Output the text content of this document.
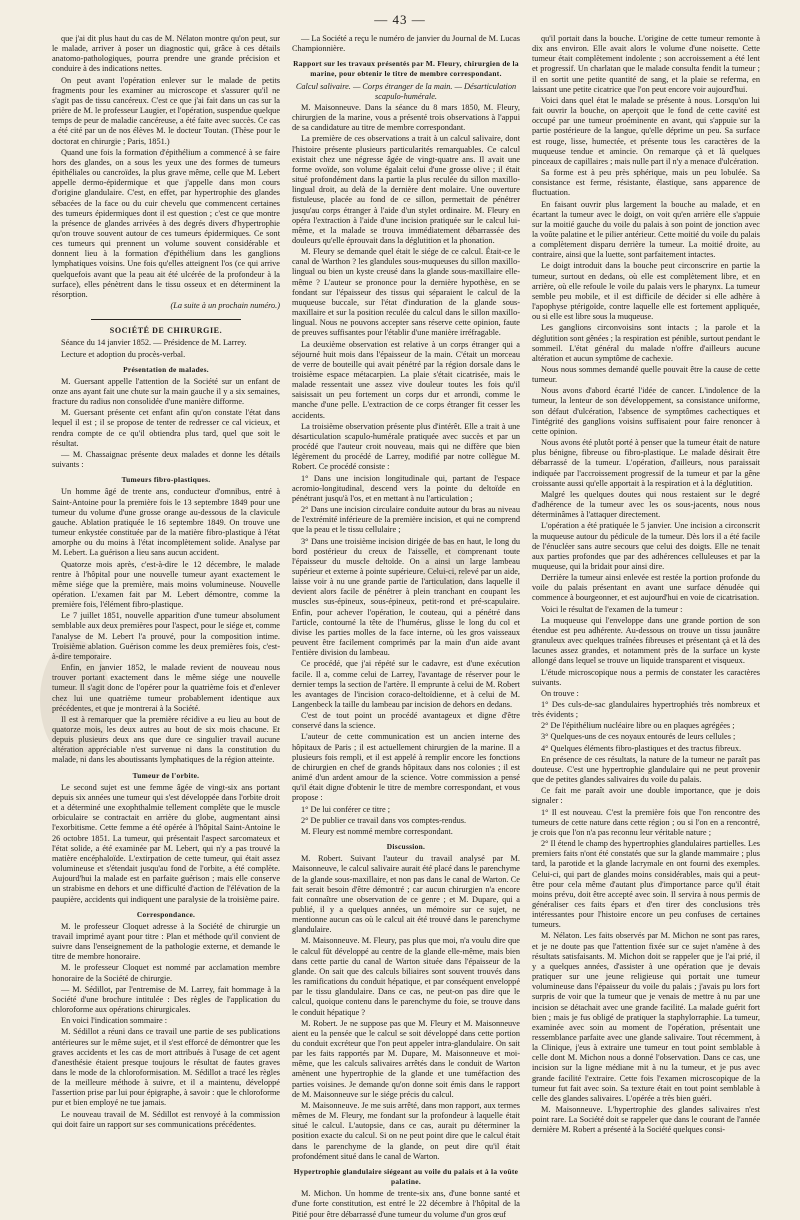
— 43 —

que j'ai dit plus haut du cas de M. Nélaton montre qu'on peut, sur le malade, arriver à poser un diagnostic qui, grâce à ces détails anatomo-pathologiques, pourra prendre une grande précision et conduire à des indications nettes.

On peut avant l'opération enlever sur le malade de petits fragments pour les examiner au microscope et s'assurer qu'il ne s'agit pas de tissu cancéreux. C'est ce que j'ai fait dans un cas sur la prière de M. le professeur Laugier, et l'opération, suspendue quelque temps de peur de maladie cancéreuse, a été faite avec succès. Ce cas a été cité par un de nos élèves M. le docteur Toutan. (Thèse pour le doctorat en chirurgie ; Paris, 1851.)

Quand une fois la formation d'épithélium a commencé à se faire hors des glandes, on a sous les yeux une des formes de tumeurs épithéliales ou cancroïdes, la plus grave même, celle que M. Lebert appelle dermo-épidermique et que j'appelle dans mon cours d'origine glandulaire. C'est, en effet, par hypertrophie des glandes sébacées de la face ou du cuir chevelu que commencent certaines des tumeurs épidermiques dont il est question ; c'est ce que montre la présence de glandes arrivées à des degrés divers d'hypertrophie qu'on trouve souvent autour de ces tumeurs épidermiques. Ce sont ces tumeurs qui prennent un volume souvent considérable et donnent lieu à la formation d'épithélium dans les ganglions lymphatiques voisins. Une fois qu'elles atteignent l'os (ce qui arrive quelquefois avant que la peau ait été ulcérée de la profondeur à la surface), elles pénètrent dans le tissu osseux et en déterminent la résorption.

(La suite à un prochain numéro.)

SOCIÉTÉ DE CHIRURGIE.

Séance du 14 janvier 1852. — Présidence de M. Larrey.

Lecture et adoption du procès-verbal.

Présentation de malades.

M. Guersant appelle l'attention de la Société sur un enfant de onze ans ayant fait une chute sur la main gauche il y a six semaines, fracture du radius non consolidée d'une manière difforme.

M. Guersant présente cet enfant afin qu'on constate l'état dans lequel il est ; il se propose de tenter de redresser ce cal vicieux, et rendra compte de ce qu'il obtiendra plus tard, quel que soit le résultat.

— M. Chassaignac présente deux malades et donne les détails suivants :

Tumeurs fibro-plastiques.

Un homme âgé de trente ans, conducteur d'omnibus, entré à Saint-Antoine pour la première fois le 13 septembre 1849 pour une tumeur du volume d'une grosse orange au-dessous de la clavicule gauche. Ablation pratiquée le 16 septembre 1849. On trouve une tumeur enkystée constituée par de la matière fibro-plastique à l'état amorphe ou du moins à l'état incomplètement solide. Analyse par M. Lebert. La guérison a lieu sans aucun accident.

Quatorze mois après, c'est-à-dire le 12 décembre, le malade rentre à l'hôpital pour une nouvelle tumeur ayant exactement le même siége que la première, mais moins volumineuse. Nouvelle opération. L'examen fait par M. Lebert démontre, comme la première fois, l'élément fibro-plastique.

Le 7 juillet 1851, nouvelle apparition d'une tumeur absolument semblable aux deux premières pour l'aspect, pour le siége et, comme l'analyse de M. Lebert l'a prouvé, pour la composition intime. Troisième ablation. Guérison comme les deux premières fois, c'est-à-dire temporaire.

Enfin, en janvier 1852, le malade revient de nouveau nous trouver portant exactement dans le même siége une nouvelle tumeur. Il s'agit donc de l'opérer pour la quatrième fois et d'enlever chez lui une quatrième tumeur probablement identique aux précédentes, et que je montrerai à la Société.

Il est à remarquer que la première récidive a eu lieu au bout de quatorze mois, les deux autres au bout de six mois chacune. Et depuis plusieurs deux ans que dure ce singulier travail aucune altération appréciable n'est survenue ni dans la constitution du malade, ni dans les aboutissants lymphatiques de la région atteinte.

Tumeur de l'orbite.

Le second sujet est une femme âgée de vingt-six ans portant depuis six années une tumeur qui s'est développée dans l'orbite droit et a déterminé une exophthalmie tellement complète que le muscle orbiculaire se contractait en arrière du globe, augmentant ainsi l'exorbitisme. Cette femme a été opérée à l'hôpital Saint-Antoine le 26 octobre 1851. La tumeur, qui présentait l'aspect sarcomateux et l'état solide, a été examinée par M. Lebert, qui n'y a pas trouvé la matière encéphaloïde. L'extirpation de cette tumeur, qui était assez volumineuse et s'étendait jusqu'au fond de l'orbite, a été complète. Aujourd'hui la malade est en parfaite guérison ; mais elle conserve un strabisme en dehors et une difficulté d'action de l'élévation de la paupière, accidents qui indiquent une paralysie de la troisième paire.

Correspondance.

M. le professeur Cloquet adresse à la Société de chirurgie un travail imprimé ayant pour titre : Plan et méthode qu'il convient de suivre dans l'enseignement de la pathologie externe, et demande le titre de membre honoraire.

M. le professeur Cloquet est nommé par acclamation membre honoraire de la Société de chirurgie.

— M. Sédillot, par l'entremise de M. Larrey, fait hommage à la Société d'une brochure intitulée : Des règles de l'application du chloroforme aux opérations chirurgicales.

En voici l'indication sommaire :

M. Sédillot a réuni dans ce travail une partie de ses publications antérieures sur le même sujet, et il s'est efforcé de démontrer que les graves accidents et les cas de mort attribués à l'usage de cet agent d'anesthésie étaient presque toujours le résultat de fautes graves dans le mode de la chloroformisation. M. Sédillot a tracé les règles de la meilleure méthode à suivre, et il a maintenu, développé l'assertion prise par lui pour épigraphe, à savoir : que le chloroforme pur et bien employé ne tue jamais.

Le nouveau travail de M. Sédillot est renvoyé à la commission qui doit faire un rapport sur ses communications précédentes.

— La Société a reçu le numéro de janvier du Journal de M. Lucas Championnière.

Rapport sur les travaux présentés par M. Fleury, chirurgien de la marine, pour obtenir le titre de membre correspondant.

Calcul salivaire. — Corps étranger de la main. — Désarticulation scapulo-humérale.

M. Maisonneuve. Dans la séance du 8 mars 1850, M. Fleury, chirurgien de la marine, vous a présenté trois observations à l'appui de sa candidature au titre de membre correspondant.

La première de ces observations a trait à un calcul salivaire, dont l'histoire présente plusieurs particularités remarquables. Ce calcul existait chez une négresse âgée de vingt-quatre ans. Il avait une forme ovoïde, son volume égalait celui d'une grosse olive ; il était situé profondément dans la partie la plus reculée du sillon maxillo-lingual droit, au delà de la dernière dent molaire. Une ouverture fistuleuse, placée au fond de ce sillon, permettait de pénétrer jusqu'au corps étranger à l'aide d'un stylet ordinaire. M. Fleury en opéra l'extraction à l'aide d'une incision pratiquée sur le calcul lui-même, et la malade se trouva immédiatement débarrassée des douleurs qu'elle éprouvait dans la déglutition et la phonation.

M. Fleury se demande quel était le siége de ce calcul. Était-ce le canal de Warthon ? les glandules sous-muqueuses du sillon maxillo-lingual ou bien un kyste creusé dans la glande sous-maxillaire elle-même ? L'auteur se prononce pour la dernière hypothèse, en se fondant sur l'épaisseur des tissus qui séparaient le calcul de la muqueuse buccale, sur l'état d'induration de la glande sous-maxillaire et sur la position reculée du calcul dans le sillon maxillo-lingual. Nous ne pouvons accepter sans réserve cette opinion, faute de preuves suffisantes pour l'établir d'une manière irréfragable.

La deuxième observation est relative à un corps étranger qui a séjourné huit mois dans l'épaisseur de la main. C'était un morceau de verre de bouteille qui avait pénétré par la région dorsale dans le troisième espace métacarpien. La plaie s'était cicatrisée, mais le malade ressentait une assez vive douleur toutes les fois qu'il saisissait un peu fortement un corps dur et arrondi, comme le manche d'une pelle. L'extraction de ce corps étranger fit cesser les accidents.

La troisième observation présente plus d'intérêt. Elle a trait à une désarticulation scapulo-humérale pratiquée avec succès et par un procédé que l'auteur croit nouveau, mais qui ne diffère que bien légèrement du procédé de Larrey, modifié par notre collègue M. Robert. Ce procédé consiste :

1° Dans une incision longitudinale qui, partant de l'espace acromio-longitudinal, descend vers la pointe du deltoïde en pénétrant jusqu'à l'os, et en mettant à nu l'articulation ;

2° Dans une incision circulaire conduite autour du bras au niveau de l'extrémité inférieure de la première incision, et qui ne comprend que la peau et le tissu cellulaire ;

3° Dans une troisième incision dirigée de bas en haut, le long du bord postérieur du creux de l'aisselle, et comprenant toute l'épaisseur du muscle deltoïde. On a ainsi un large lambeau supérieur et externe à pointe supérieure. Celui-ci, relevé par un aide, laisse voir à nu une grande partie de l'articulation, dans laquelle il devient alors facile de pénétrer à plein tranchant en coupant les muscles sus-épineux, sous-épineux, petit-rond et pré-scapulaire. Enfin, pour achever l'opération, le couteau, qui a pénétré dans l'article, contourné la tête de l'humérus, glisse le long du col et divise les parties molles de la face interne, où les gros vaisseaux peuvent être facilement comprimés par la main d'un aide avant l'entière division du lambeau.

Ce procédé, que j'ai répété sur le cadavre, est d'une exécution facile. Il a, comme celui de Larrey, l'avantage de réserver pour le dernier temps la section de l'artère. Il emprunte à celui de M. Robert les avantages de l'incision coraco-deltoïdienne, et à celui de M. Langenbeck la taille du lambeau par incision de dehors en dedans.

C'est de tout point un procédé avantageux et digne d'être conservé dans la science.

L'auteur de cette communication est un ancien interne des hôpitaux de Paris ; il est actuellement chirurgien de la marine. Il a plusieurs fois rempli, et il est appelé à remplir encore les fonctions de chirurgien en chef de grands hôpitaux dans nos colonies ; il est animé d'un ardent amour de la science. Votre commission a pensé qu'il était digne d'obtenir le titre de membre correspondant, et vous propose :

1° De lui conférer ce titre ;

2° De publier ce travail dans vos comptes-rendus.

M. Fleury est nommé membre correspondant.

Discussion.

M. Robert. Suivant l'auteur du travail analysé par M. Maisonneuve, le calcul salivaire aurait été placé dans le parenchyme de la glande sous-maxillaire, et non pas dans le canal de Warton. Ce fait serait besoin d'être démontré ; car aucun chirurgien n'a encore fait connaître une observation de ce genre ; et M. Dupare, qui a publié, il y a quelques années, un mémoire sur ce sujet, ne mentionne aucun cas où le calcul ait été trouvé dans le parenchyme glandulaire.

M. Maisonneuve. M. Fleury, pas plus que moi, n'a voulu dire que le calcul fût développé au centre de la glande elle-même, mais bien dans cette partie du canal de Warton située dans l'épaisseur de la glande. On sait que des calculs biliaires sont souvent trouvés dans les ramifications du conduit hépatique, et par conséquent enveloppé par le tissu glandulaire. Dans ce cas, ne peut-on pas dire que le calcul, quoique contenu dans le parenchyme du foie, se trouve dans le conduit hépatique ?

M. Robert. Je ne suppose pas que M. Fleury et M. Maisonneuve aient eu la pensée que le calcul se soit développé dans cette portion du conduit excréteur que l'on peut appeler intra-glandulaire. On sait par les faits rapportés par M. Dupare, M. Maisonneuve et moi-même, que les calculs salivaires arrêtés dans le conduit de Warton amènent une hypertrophie de la glande et une tuméfaction des parties voisines. Je demande qu'on donne soit émis dans le rapport de M. Maisonneuve sur le siége précis du calcul.

M. Maisonneuve. Je me suis arrêté, dans mon rapport, aux termes mêmes de M. Fleury, me fondant sur la profondeur à laquelle était situé le calcul. L'autopsie, dans ce cas, aurait pu déterminer la position exacte du calcul. Si on ne peut point dire que le calcul était dans le parenchyme de la glande, on peut dire qu'il était profondément situé dans le canal de Warton.

Hypertrophie glandulaire siégeant au voile du palais et à la voûte palatine.

M. Michon. Un homme de trente-six ans, d'une bonne santé et d'une forte constitution, est entré le 22 décembre à l'hôpital de la Pitié pour être débarrassé d'une tumeur du volume d'un gros œuf

qu'il portait dans la bouche. L'origine de cette tumeur remonte à dix ans environ. Elle avait alors le volume d'une noisette. Cette tumeur était complètement indolente ; son accroissement a été lent et progressif. Un charlatan que le malade consulta fendit la tumeur ; il en sortit une petite quantité de sang, et la plaie se referma, en laissant une petite cicatrice que l'on peut encore voir aujourd'hui.

Voici dans quel état le malade se présente à nous. Lorsqu'on lui fait ouvrir la bouche, on aperçoit que le fond de cette cavité est occupé par une tumeur proéminente en avant, qui s'appuie sur la partie postérieure de la langue, qu'elle déprime un peu. Sa surface est rouge, lisse, humectée, et présente tous les caractères de la muqueuse tendue et amincie. On remarque çà et là quelques pinceaux de capillaires ; mais nulle part il n'y a menace d'ulcération.

Sa forme est à peu près sphérique, mais un peu lobulée. Sa consistance est ferme, résistante, élastique, sans apparence de fluctuation.

En faisant ouvrir plus largement la bouche au malade, et en écartant la tumeur avec le doigt, on voit qu'en arrière elle s'appuie sur la moitié gauche du voile du palais à son point de jonction avec la voûte palatine et le pilier antérieur. Cette moitié du voile du palais a complètement disparu derrière la tumeur. La moitié droite, au contraire, ainsi que la luette, sont parfaitement intactes.

Le doigt introduit dans la bouche peut circonscrire en partie la tumeur, surtout en dedans, où elle est complètement libre, et en arrière, où elle refoule le voile du palais vers le pharynx. La tumeur semble peu mobile, et il est difficile de décider si elle adhère à l'apophyse ptérigoïde, contre laquelle elle est fortement appliquée, ou si elle est libre sous la muqueuse.

Les ganglions circonvoisins sont intacts ; la parole et la déglutition sont gênées ; la respiration est pénible, surtout pendant le sommeil. L'état général du malade n'offre d'ailleurs aucune altération et aucun symptôme de cachexie.

Nous nous sommes demandé quelle pouvait être la cause de cette tumeur.

Nous avons d'abord écarté l'idée de cancer. L'indolence de la tumeur, la lenteur de son développement, sa consistance uniforme, son défaut d'ulcération, l'absence de symptômes cachectiques et l'intégrité des ganglions voisins suffisaient pour faire renoncer à cette opinion.

Nous avons été plutôt porté à penser que la tumeur était de nature plus bénigne, fibreuse ou fibro-plastique. Le malade désirait être débarrassé de la tumeur. L'opération, d'ailleurs, nous paraissait indiquée par l'accroissement progressif de la tumeur et par la gêne croissante aussi qu'elle apportait à la respiration et à la déglutition.

Malgré les quelques doutes qui nous restaient sur le degré d'adhérence de la tumeur avec les os sous-jacents, nous nous déterminâmes à l'attaquer directement.

L'opération a été pratiquée le 5 janvier. Une incision a circonscrit la muqueuse autour du pédicule de la tumeur. Dès lors il a été facile de l'énucléer sans autre secours que celui des doigts. Elle ne tenait aux parties profondes que par des adhérences celluleuses et par la muqueuse, qui la bridait pour ainsi dire.

Derrière la tumeur ainsi enlevée est restée la portion profonde du voile du palais présentant en avant une surface dénudée qui commence à bourgeonner, et est aujourd'hui en voie de cicatrisation.

Voici le résultat de l'examen de la tumeur :

La muqueuse qui l'enveloppe dans une grande portion de son étendue est peu adhérente. Au-dessous on trouve un tissu jaunâtre granuleux avec quelques traînées fibreuses et présentant çà et là des lacunes assez grandes, et notamment près de la surface un kyste allongé dans lequel se trouve un liquide transparent et visqueux.

L'étude microscopique nous a permis de constater les caractères suivants.

On trouve :

1° Des culs-de-sac glandulaires hypertrophiés très nombreux et très évidents ;

2° De l'épithélium nucléaire libre ou en plaques agrégées ;

3° Quelques-uns de ces noyaux entourés de leurs cellules ;

4° Quelques éléments fibro-plastiques et des tractus fibreux.

En présence de ces résultats, la nature de la tumeur ne paraît pas douteuse. C'est une hypertrophie glandulaire qui ne peut provenir que de petites glandes salivaires du voile du palais.

Ce fait me paraît avoir une double importance, que je dois signaler :

1° Il est nouveau. C'est la première fois que l'on rencontre des tumeurs de cette nature dans cette région ; ou si l'on en a rencontré, je crois que l'on n'a pas reconnu leur véritable nature ;

2° Il étend le champ des hypertrophies glandulaires partielles. Les premiers faits n'ont été constatés que sur la glande mammaire ; plus tard, la parotide et la glande lacrymale en ont fourni des exemples. Celui-ci, qui part de glandes moins considérables, mais qui a peut-être pour cela même d'autant plus d'importance parce qu'il était moins prévu, doit être accepté avec soin. Il servira à nous permis de généraliser ces faits épars et d'en tirer des conclusions très intéressantes pour l'histoire encore un peu confuses de certaines tumeurs.

M. Nélaton. Les faits observés par M. Michon ne sont pas rares, et je ne doute pas que l'attention fixée sur ce sujet n'amène à des résultats satisfaisants. M. Michon doit se rappeler que je l'ai prié, il y a quelques années, d'assister à une opération que je devais pratiquer sur une jeune religieuse qui portait une tumeur volumineuse dans l'épaisseur du voile du palais ; j'avais pu lors fort surpris de voir que la tumeur que je venais de mettre à nu par une incision se détachait avec une grande facilité. La malade guérit fort bien ; mais je fus obligé de pratiquer la staphylorraphie. La tumeur, examinée avec soin au moment de l'opération, présentait une ressemblance parfaite avec une glande salivaire. Tout récemment, à la Clinique, j'eus à extraire une tumeur en tout point semblable à celle dont M. Michon nous a donné l'observation. Dans ce cas, une incision sur la ligne médiane mit à nu la tumeur, et je pus avec grande facilité l'extraire. Cette fois l'examen microscopique de la tumeur fut fait avec soin. Sa texture était en tout point semblable à celle des glandes salivaires. L'opérée a très bien guéri.

M. Maisonneuve. L'hypertrophie des glandes salivaires n'est point rare. La Société doit se rappeler que dans le courant de l'année dernière M. Robert a présenté à la Société quelques consi-
